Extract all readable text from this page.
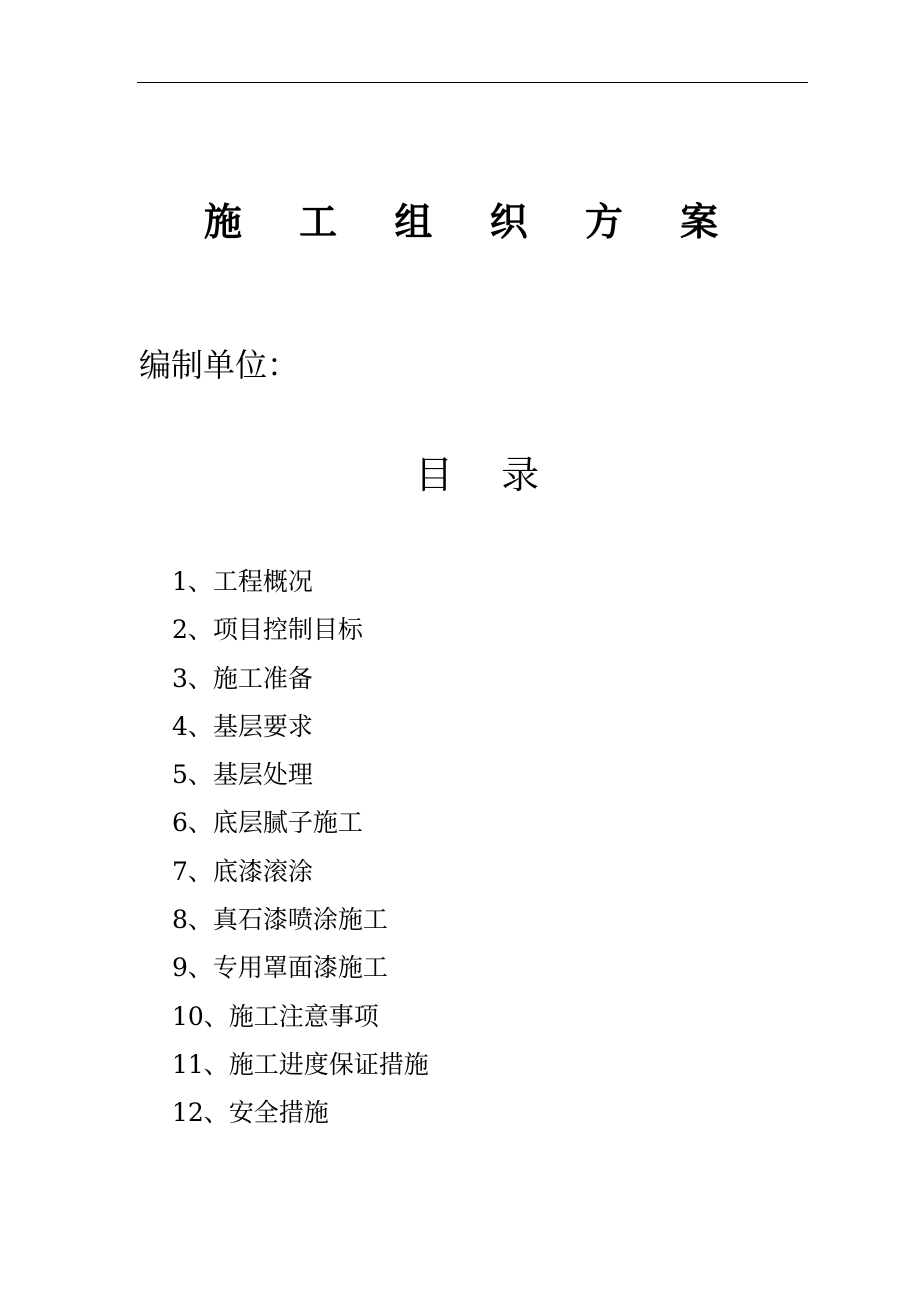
施 工 组 织 方 案
编制单位：
目 录
1、工程概况
2、项目控制目标
3、施工准备
4、基层要求
5、基层处理
6、底层腻子施工
7、底漆滚涂
8、真石漆喷涂施工
9、专用罩面漆施工
10、施工注意事项
11、施工进度保证措施
12、安全措施
